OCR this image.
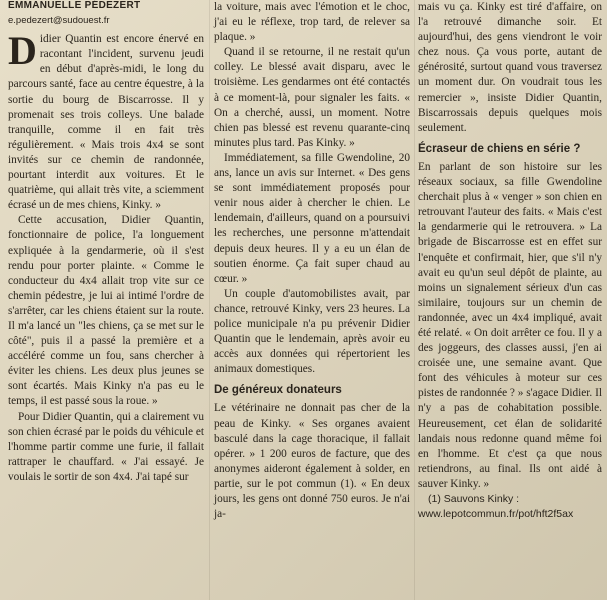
EMMANUELLE PÉDEZERT
e.pedezert@sudouest.fr

Didier Quantin est encore énervé en racontant l'incident, survenu jeudi en début d'après-midi, le long du parcours santé, face au centre équestre, à la sortie du bourg de Biscarrosse. Il y promenait ses trois colleys. Une balade tranquille, comme il en fait très régulièrement. « Mais trois 4x4 se sont invités sur ce chemin de randonnée, pourtant interdit aux voitures. Et le quatrième, qui allait très vite, a sciemment écrasé un de mes chiens, Kinky. »

Cette accusation, Didier Quantin, fonctionnaire de police, l'a longuement expliquée à la gendarmerie, où il s'est rendu pour porter plainte. « Comme le conducteur du 4x4 allait trop vite sur ce chemin pédestre, je lui ai intimé l'ordre de s'arrêter, car les chiens étaient sur la route. Il m'a lancé un "les chiens, ça se met sur le côté", puis il a passé la première et a accéléré comme un fou, sans chercher à éviter les chiens. Les deux plus jeunes se sont écartés. Mais Kinky n'a pas eu le temps, il est passé sous la roue. »

Pour Didier Quantin, qui a clairement vu son chien écrasé par le poids du véhicule et l'homme partir comme une furie, il fallait rattraper le chauffard. « J'ai essayé. Je voulais le sortir de son 4x4. J'ai tapé sur

la voiture, mais avec l'émotion et le choc, j'ai eu le réflexe, trop tard, de relever sa plaque. »

Quand il se retourne, il ne restait qu'un colley. Le blessé avait disparu, avec le troisième. Les gendarmes ont été contactés à ce moment-là, pour signaler les faits. « On a cherché, aussi, un moment. Notre chien pas blessé est revenu quarante-cinq minutes plus tard. Pas Kinky. »

Immédiatement, sa fille Gwendoline, 20 ans, lance un avis sur Internet. « Des gens se sont immédiatement proposés pour venir nous aider à chercher le chien. Le lendemain, d'ailleurs, quand on a poursuivi les recherches, une personne m'attendait depuis deux heures. Il y a eu un élan de soutien énorme. Ça fait super chaud au cœur. »

Un couple d'automobilistes avait, par chance, retrouvé Kinky, vers 23 heures. La police municipale n'a pu prévenir Didier Quantin que le lendemain, après avoir eu accès aux données qui répertorient les animaux domestiques.

De généreux donateurs

Le vétérinaire ne donnait pas cher de la peau de Kinky. « Ses organes avaient basculé dans la cage thoracique, il fallait opérer. » 1 200 euros de facture, que des anonymes aideront également à solder, en partie, sur le pot commun (1). « En deux jours, les gens ont donné 750 euros. Je n'ai ja-

mais vu ça. Kinky est tiré d'affaire, on l'a retrouvé dimanche soir. Et aujourd'hui, des gens viendront le voir chez nous. Ça vous porte, autant de générosité, surtout quand vous traversez un moment dur. On voudrait tous les remercier », insiste Didier Quantin, Biscarrossais depuis quelques mois seulement.

Écraseur de chiens en série ?

En parlant de son histoire sur les réseaux sociaux, sa fille Gwendoline cherchait plus à « venger » son chien en retrouvant l'auteur des faits. « Mais c'est la gendarmerie qui le retrouvera. » La brigade de Biscarrosse est en effet sur l'enquête et confirmait, hier, que s'il n'y avait eu qu'un seul dépôt de plainte, au moins un signalement sérieux d'un cas similaire, toujours sur un chemin de randonnée, avec un 4x4 impliqué, avait été relaté. « On doit arrêter ce fou. Il y a des joggeurs, des classes aussi, j'en ai croisée une, une semaine avant. Que font des véhicules à moteur sur ces pistes de randonnée ? » s'agace Didier. Il n'y a pas de cohabitation possible. Heureusement, cet élan de solidarité landais nous redonne quand même foi en l'homme. Et c'est ça que nous retiendrons, au final. Ils ont aidé à sauver Kinky. »

(1) Sauvons Kinky :
www.lepotcommun.fr/pot/hft2f5ax
